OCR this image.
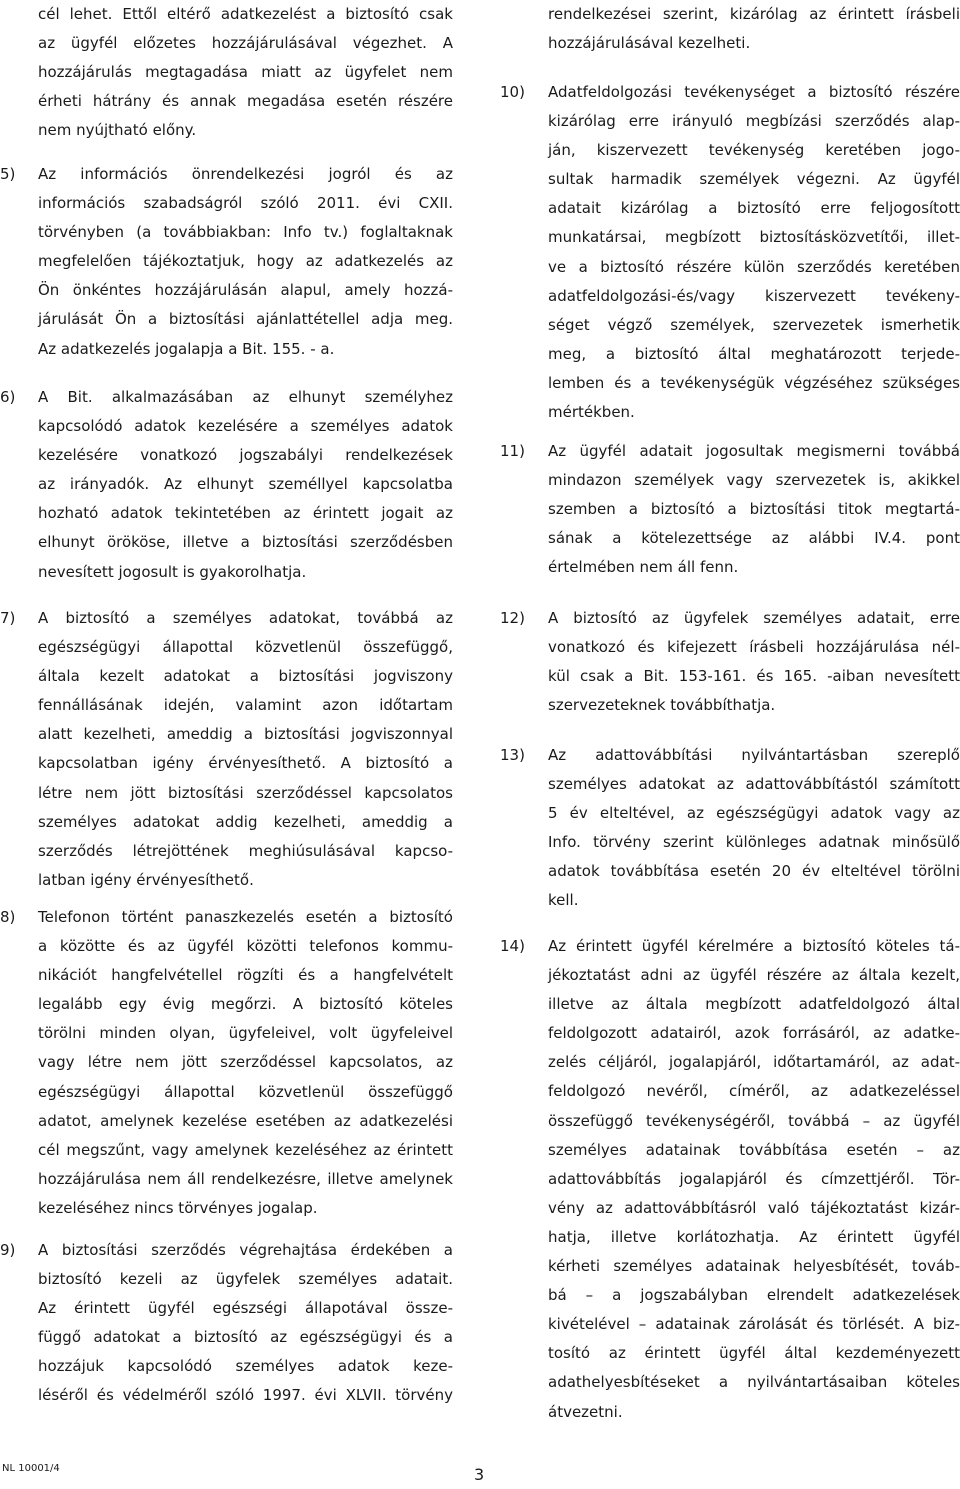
cél lehet. Ettől eltérő adatkezelést a biztosító csak
az ügyfél előzetes hozzájárulásával végezhet. A
hozzájárulás megtagadása miatt az ügyfelet nem
érheti hátrány és annak megadása esetén részére
nem nyújtható előny.
5) Az információs önrendelkezési jogról és az
információs szabadságról szóló 2011. évi CXII.
törvényben (a továbbiakban: Info tv.) foglaltaknak
megfelelően tájékoztatjuk, hogy az adatkezelés az
Ön önkéntes hozzájárulásán alapul, amely hozzá-
járulását Ön a biztosítási ajánlattétellel adja meg.
Az adatkezelés jogalapja a Bit. 155. - a.
6) A Bit. alkalmazásában az elhunyt személyhez
kapcsolódó adatok kezelésére a személyes adatok
kezelésére vonatkozó jogszabályi rendelkezések
az irányadók. Az elhunyt személlyel kapcsolatba
hozható adatok tekintetében az érintett jogait az
elhunyt örököse, illetve a biztosítási szerződésben
nevesített jogosult is gyakorolhatja.
7) A biztosító a személyes adatokat, továbbá az
egészségügyi állapottal közvetlenül összefüggő,
általa kezelt adatokat a biztosítási jogviszony
fennállásának idején, valamint azon időtartam
alatt kezelheti, ameddig a biztosítási jogviszonnyal
kapcsolatban igény érvényesíthető. A biztosító a
létre nem jött biztosítási szerződéssel kapcsolatos
személyes adatokat addig kezelheti, ameddig a
szerződés létrejöttének meghiúsulásával kapcso-
latban igény érvényesíthető.
8) Telefonon történt panaszkezelés esetén a biztosító
a közötte és az ügyfél közötti telefonos kommu-
nikációt hangfelvétellel rögzíti és a hangfelvételt
legalább egy évig megőrzi. A biztosító köteles
törölni minden olyan, ügyfeleivel, volt ügyfeleivel
vagy létre nem jött szerződéssel kapcsolatos, az
egészségügyi állapottal közvetlenül összefüggő
adatot, amelynek kezelése esetében az adatkezelési
cél megszűnt, vagy amelynek kezeléséhez az érintett
hozzájárulása nem áll rendelkezésre, illetve amelynek
kezeléséhez nincs törvényes jogalap.
9) A biztosítási szerződés végrehajtása érdekében a
biztosító kezeli az ügyfelek személyes adatait.
Az érintett ügyfél egészségi állapotával össze-
függő adatokat a biztosító az egészségügyi és a
hozzájuk kapcsolódó személyes adatok keze-
léséről és védelméről szóló 1997. évi XLVII. törvény
rendelkezései szerint, kizárólag az érintett írásbeli
hozzájárulásával kezelheti.
10) Adatfeldolgozási tevékenységet a biztosító részére
kizárólag erre irányuló megbízási szerződés alap-
ján, kiszervezett tevékenység keretében jogo-
sultak harmadik személyek végezni. Az ügyfél
adatait kizárólag a biztosító erre feljogosított
munkatársai, megbízott biztosításközvetítői, illet-
ve a biztosító részére külön szerződés keretében
adatfeldolgozási-és/vagy kiszervezett tevékeny-
séget végző személyek, szervezetek ismerhetik
meg, a biztosító által meghatározott terjede-
lemben és a tevékenységük végzéséhez szükséges
mértékben.
11) Az ügyfél adatait jogosultak megismerni továbbá
mindazon személyek vagy szervezetek is, akikkel
szemben a biztosító a biztosítási titok megtartá-
sának a kötelezettsége az alábbi IV.4. pont
értelmében nem áll fenn.
12) A biztosító az ügyfelek személyes adatait, erre
vonatkozó és kifejezett írásbeli hozzájárulása nél-
kül csak a Bit. 153-161. és 165. -aiban nevesített
szervezeteknek továbbíthatja.
13) Az adattovábbítási nyilvántartásban szereplő
személyes adatokat az adattovábbítástól számított
5 év elteltével, az egészségügyi adatok vagy az
Info. törvény szerint különleges adatnak minősülő
adatok továbbítása esetén 20 év elteltével törölni
kell.
14) Az érintett ügyfél kérelmére a biztosító köteles tá-
jékoztatást adni az ügyfél részére az általa kezelt,
illetve az általa megbízott adatfeldolgozó által
feldolgozott adatairól, azok forrásáról, az adatke-
zelés céljáról, jogalapjáról, időtartamáról, az adat-
feldolgozó nevéről, címéről, az adatkezeléssel
összefüggő tevékenységéről, továbbá – az ügyfél
személyes adatainak továbbítása esetén – az
adattovábbítás jogalapjáról és címzettjéről. Tör-
vény az adattovábbításról való tájékoztatást kizár-
hatja, illetve korlátozhatja. Az érintett ügyfél
kérheti személyes adatainak helyesbítését, továb-
bá – a jogszabályban elrendelt adatkezelések
kivételével – adatainak zárolását és törlését. A biz-
tosító az érintett ügyfél által kezdeményezett
adathelyesbítéseket a nyilvántartásaiban köteles
átvezetni.
NL 10001/4	3
